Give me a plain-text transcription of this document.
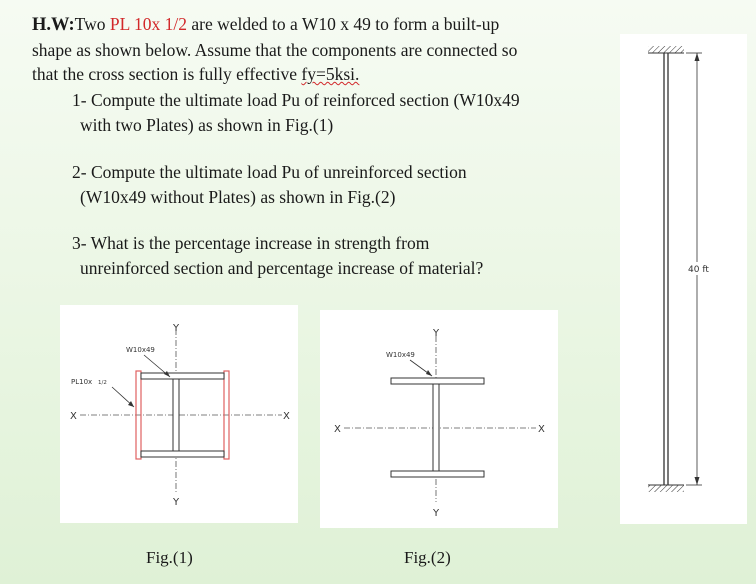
H.W:Two PL 10x 1/2 are welded to a W10 x 49 to form a built-up
shape as shown below. Assume that the components are connected so
that the cross section is fully effective fy=5ksi.
1- Compute the ultimate load Pu of reinforced section (W10x49
with two Plates) as shown in Fig.(1)
2- Compute the ultimate load Pu of unreinforced section
(W10x49 without Plates) as shown in Fig.(2)
3- What is the percentage increase in strength from
unreinforced section and percentage increase of material?
W10x49
PL10x 1/2
Y
Y
X	X
W10x49
Y
Y
X	X
Fig.(1)	Fig.(2)
40 ft
